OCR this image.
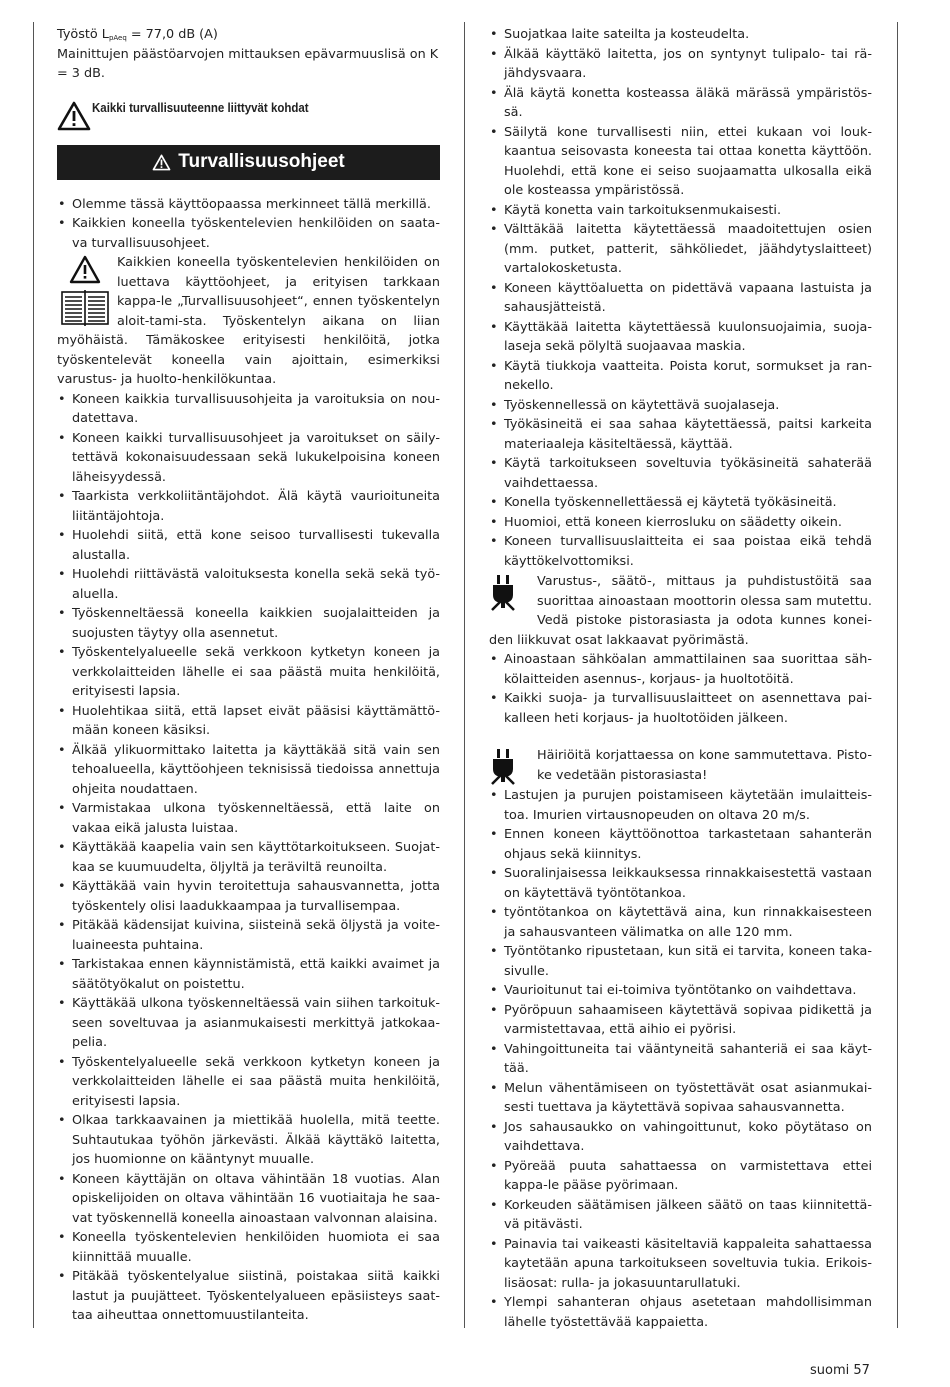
Työstö $L_{pAeq} = 77,0$ dB (A)

Mainittujen päästöarvojen mittauksen epävarmuuslisä on K = 3 dB.

Kaikki turvallisuuteenne liittyvät kohdat
Turvallisuusohjeet
• Olemme tässä käyttöopaassa merkinneet tällä merkillä.
• Kaikkien koneella työskentelevien henkilöiden on saata-va turvallisuusohjeet.

Kaikkien koneella työskentelevien henkilöiden on luettava käyttöohjeet, ja erityisen tarkkaan kappa-le „Turvallisuusohjeet“, ennen työskentelyn aloit-tami-sta. Työskentelyn aikana on liian myöhäistä. Tämäkoskee erityisesti henkilöitä, jotka työskentelevät koneella vain ajoittain, esimerkiksi varustus- ja huolto-henkilökuntaa.

• Koneen kaikkia turvallisuusohjeita ja varoituksia on nou-datettava.
• Koneen kaikki turvallisuusohjeet ja varoitukset on säily-tettävä kokonaisuudessaan sekä lukukelpoisina koneen läheisyydessä.
• Taarkista verkkoliitäntäjohdot. Älä käytä vaurioituneita liitäntäjohtoja.
• Huolehdi siitä, että kone seisoo turvallisesti tukevalla alustalla.
• Huolehdi riittävästä valoituksesta konella sekä sekä työ-aluella.
• Työskenneltäessä koneella kaikkien suojalaitteiden ja suojusten täytyy olla asennetut.
• Työskentelyalueelle sekä verkkoon kytketyn koneen ja verkkolaitteiden lähelle ei saa päästä muita henkilöitä, erityisesti lapsia.
• Huolehtikaa siitä, että lapset eivät pääsisi käyttämättö-mään koneen käsiksi.
• Älkää ylikuormittako laitetta ja käyttäkää sitä vain sen tehoalueella, käyttöohjeen teknisissä tiedoissa annettuja ohjeita noudattaen.
• Varmistakaa ulkona työskenneltäessä, että laite on vakaa eikä jalusta luistaa.
• Käyttäkää kaapelia vain sen käyttötarkoitukseen. Suojat-kaa se kuumuudelta, öljyltä ja teräviltä reunoilta.
• Käyttäkää vain hyvin teroitettuja sahausvannetta, jotta työskentely olisi laadukkaampaa ja turvallisempaa.
• Pitäkää kädensijat kuivina, siisteinä sekä öljystä ja voite-luaineesta puhtaina.
• Tarkistakaa ennen käynnistämistä, että kaikki avaimet ja säätötyökalut on poistettu.
• Käyttäkää ulkona työskenneltäessä vain siihen tarkoituk-seen soveltuvaa ja asianmukaisesti merkittyä jatkokaa-pelia.
• Työskentelyalueelle sekä verkkoon kytketyn koneen ja verkkolaitteiden lähelle ei saa päästä muita henkilöitä, erityisesti lapsia.
• Olkaa tarkkaavainen ja miettikää huolella, mitä teette. Suhtautukaa työhön järkevästi. Älkää käyttäkö laitetta, jos huomionne on kääntynyt muualle.
• Koneen käyttäjän on oltava vähintään 18 vuotias. Alan opiskelijoiden on oltava vähintään 16 vuotiaitaja he saa-vat työskennellä koneella ainoastaan valvonnan alaisina.
• Koneella työskentelevien henkilöiden huomiota ei saa kiinnittää muualle.
• Pitäkää työskentelyalue siistinä, poistakaa siitä kaikki lastut ja puujätteet. Työskentelyalueen epäsiisteys saat-taa aiheuttaa onnettomuustilanteita.
• Suojatkaa laite sateilta ja kosteudelta.
• Älkää käyttäkö laitetta, jos on syntynyt tulipalo- tai rä-jähdysvaara.
• Älä käytä konetta kosteassa äläkä märässä ympäristös-sä.
• Säilytä kone turvallisesti niin, ettei kukaan voi louk-kaantua seisovasta koneesta tai ottaa konetta käyttöön. Huolehdi, että kone ei seiso suojaamatta ulkosalla eikä ole kosteassa ympäristössä.
• Käytä konetta vain tarkoituksenmukaisesti.
• Välttäkää laitetta käytettäessä maadoitettujen osien (mm. putket, patterit, sähköliedet, jäähdytyslaitteet) vartalokosketusta.
• Koneen käyttöaluetta on pidettävä vapaana lastuista ja sahausjätteistä.
• Käyttäkää laitetta käytettäessä kuulonsuojaimia, suoja-laseja sekä pölyltä suojaavaa maskia.
• Käytä tiukkoja vaatteita. Poista korut, sormukset ja ran-nekello.
• Työskennellessä on käytettävä suojalaseja.
• Työkäsineitä ei saa sahaa käytettäessä, paitsi karkeita materiaaleja käsiteltäessä, käyttää.
• Käytä tarkoitukseen soveltuvia työkäsineitä sahaterää vaihdettaessa.
• Konella työskennellettäessä ej käytetä työkäsineitä.
• Huomioi, että koneen kierrosluku on säädetty oikein.
• Koneen turvallisuuslaitteita ei saa poistaa eikä tehdä käyttökelvottomiksi.

Varustus-, säätö-, mittaus ja puhdistustöitä saa suorittaa ainoastaan moottorin olessa sam mutettu. Vedä pistoke pistorasiasta ja odota kunnes konei-den liikkuvat osat lakkaavat pyörimästä.

• Ainoastaan sähköalan ammattilainen saa suorittaa säh-kölaitteiden asennus-, korjaus- ja huoltotöitä.
• Kaikki suoja- ja turvallisuuslaitteet on asennettava pai-kalleen heti korjaus- ja huoltotöiden jälkeen.

Häiriöitä korjattaessa on kone sammutettava. Pisto-ke vedetään pistorasiasta!

• Lastujen ja purujen poistamiseen käytetään imulaitteis-toa. Imurien virtausnopeuden on oltava 20 m/s.
• Ennen koneen käyttöönottoa tarkastetaan sahanterän ohjaus sekä kiinnitys.
• Suoralinjaisessa leikkauksessa rinnakkaisestettä vastaan on käytettävä työntötankoa.
• työntötankoa on käytettävä aina, kun rinnakkaisesteen ja sahausvanteen välimatka on alle 120 mm.
• Työntötanko ripustetaan, kun sitä ei tarvita, koneen taka-sivulle.
• Vaurioitunut tai ei-toimiva työntötanko on vaihdettava.
• Pyöröpuun sahaamiseen käytettävä sopivaa pidikettä ja varmistettavaa, että aihio ei pyörisi.
• Vahingoittuneita tai vääntyneitä sahanteriä ei saa käyt-tää.
• Melun vähentämiseen on työstettävät osat asianmukai-sesti tuettava ja käytettävä sopivaa sahausvannetta.
• Jos sahausaukko on vahingoittunut, koko pöytätaso on vaihdettava.
• Pyöreää puuta sahattaessa on varmistettava ettei kappa-le pääse pyörimaan.
• Korkeuden säätämisen jälkeen säätö on taas kiinnitettä-vä pitävästi.
• Painavia tai vaikeasti käsiteltaviä kappaleita sahattaessa kaytetään apuna tarkoitukseen soveltuvia tukia. Erikois-lisäosat: rulla- ja jokasuuntarullatuki.
• Ylempi sahanteran ohjaus asetetaan mahdollisimman lähelle työstettävää kappaietta.
suomi 57
